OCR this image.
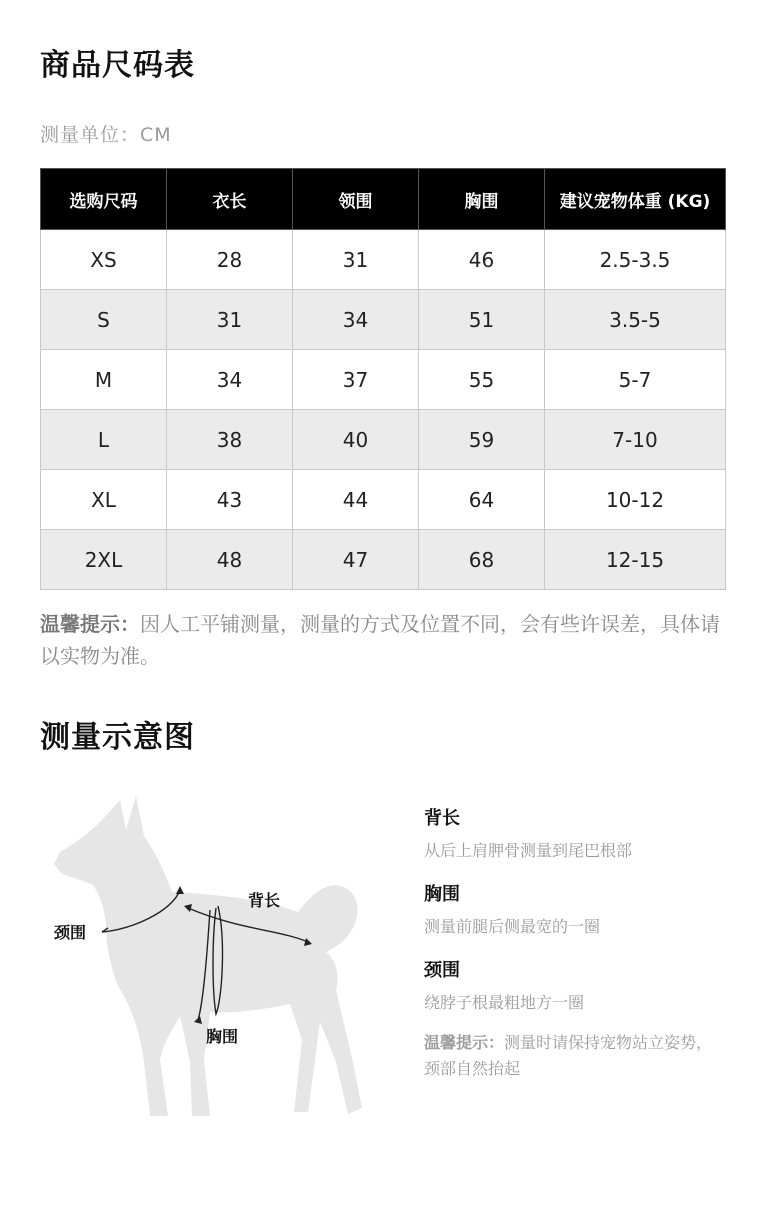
商品尺码表
测量单位：CM
选购尺码	衣长	领围	胸围	建议宠物体重 (KG)
XS	28	31	46	2.5-3.5
S	31	34	51	3.5-5
M	34	37	55	5-7
L	38	40	59	7-10
XL	43	44	64	10-12
2XL	48	47	68	12-15
温馨提示：因人工平铺测量，测量的方式及位置不同，会有些许误差，具体请以实物为准。
测量示意图
颈围
背长
胸围
背长
从后上肩胛骨测量到尾巴根部
胸围
测量前腿后侧最宽的一圈
颈围
绕脖子根最粗地方一圈
温馨提示：测量时请保持宠物站立姿势，颈部自然抬起
